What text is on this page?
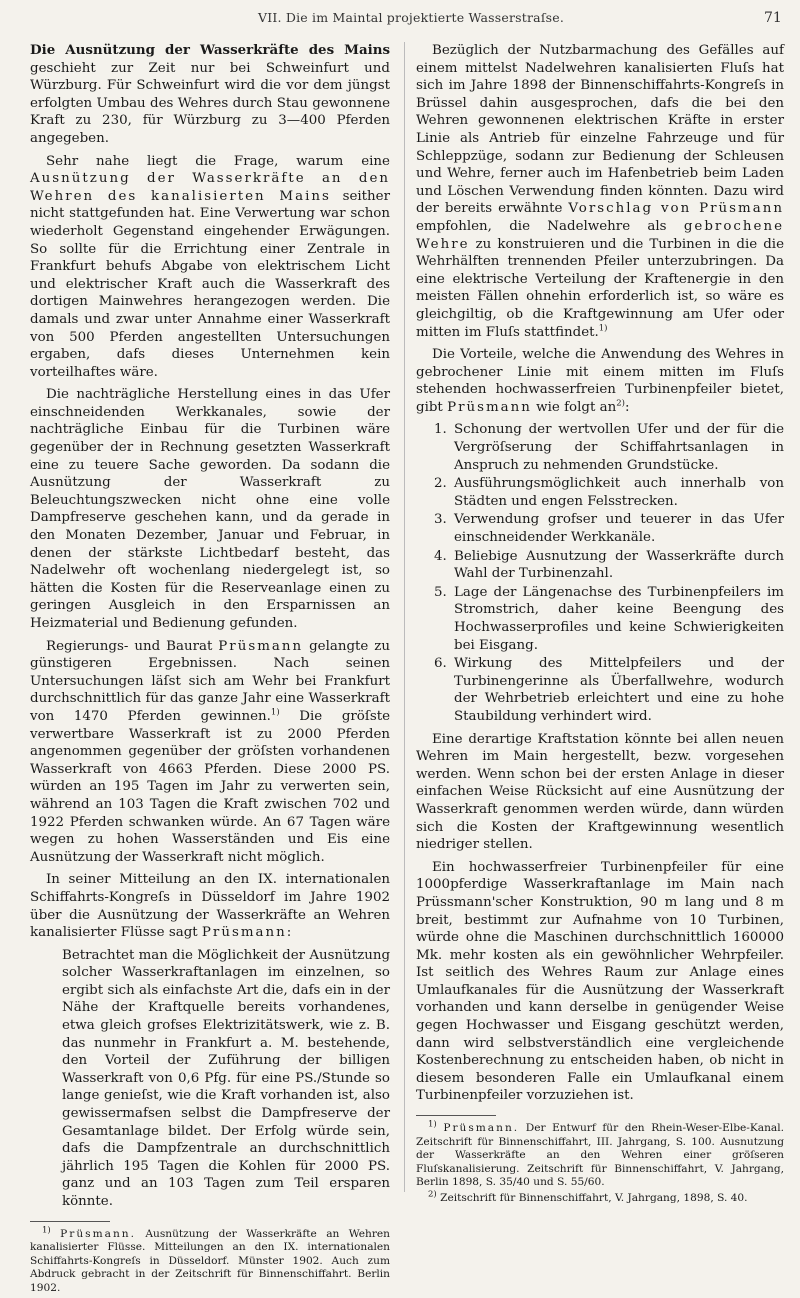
VII. Die im Maintal projektierte Wasserstraſse.	71

Die Ausnützung der Wasserkräfte des Mains geschieht zur Zeit nur bei Schweinfurt und Würzburg. Für Schweinfurt wird die vor dem jüngst erfolgten Umbau des Wehres durch Stau gewonnene Kraft zu 230, für Würzburg zu 3—400 Pferden angegeben.

Sehr nahe liegt die Frage, warum eine Ausnützung der Wasserkräfte an den Wehren des kanalisierten Mains seither nicht stattgefunden hat. Eine Verwertung war schon wiederholt Gegenstand eingehender Erwägungen. So sollte für die Errichtung einer Zentrale in Frankfurt behufs Abgabe von elektrischem Licht und elektrischer Kraft auch die Wasserkraft des dortigen Mainwehres herangezogen werden. Die damals und zwar unter Annahme einer Wasserkraft von 500 Pferden angestellten Untersuchungen ergaben, dafs dieses Unternehmen kein vorteilhaftes wäre.

Die nachträgliche Herstellung eines in das Ufer einschneidenden Werkkanales, sowie der nachträgliche Einbau für die Turbinen wäre gegenüber der in Rechnung gesetzten Wasserkraft eine zu teuere Sache geworden. Da sodann die Ausnützung der Wasserkraft zu Beleuchtungszwecken nicht ohne eine volle Dampfreserve geschehen kann, und da gerade in den Monaten Dezember, Januar und Februar, in denen der stärkste Lichtbedarf besteht, das Nadelwehr oft wochenlang niedergelegt ist, so hätten die Kosten für die Reserveanlage einen zu geringen Ausgleich in den Ersparnissen an Heizmaterial und Bedienung gefunden.

Regierungs- und Baurat Prüsmann gelangte zu günstigeren Ergebnissen. Nach seinen Untersuchungen läſst sich am Wehr bei Frankfurt durchschnittlich für das ganze Jahr eine Wasserkraft von 1470 Pferden gewinnen.$^{1)}$ Die gröſste verwertbare Wasserkraft ist zu 2000 Pferden angenommen gegenüber der gröſsten vorhandenen Wasserkraft von 4663 Pferden. Diese 2000 PS. würden an 195 Tagen im Jahr zu verwerten sein, während an 103 Tagen die Kraft zwischen 702 und 1922 Pferden schwanken würde. An 67 Tagen wäre wegen zu hohen Wasserständen und Eis eine Ausnützung der Wasserkraft nicht möglich.

In seiner Mitteilung an den IX. internationalen Schiffahrts-Kongreſs in Düsseldorf im Jahre 1902 über die Ausnützung der Wasserkräfte an Wehren kanalisierter Flüsse sagt Prüsmann:

Betrachtet man die Möglichkeit der Ausnützung solcher Wasserkraftanlagen im einzelnen, so ergibt sich als einfachste Art die, dafs ein in der Nähe der Kraftquelle bereits vorhandenes, etwa gleich grofses Elektrizitätswerk, wie z. B. das nunmehr in Frankfurt a. M. bestehende, den Vorteil der Zuführung der billigen Wasserkraft von 0,6 Pfg. für eine PS./Stunde so lange genieſst, wie die Kraft vorhanden ist, also gewissermafsen selbst die Dampfreserve der Gesamtanlage bildet. Der Erfolg würde sein, dafs die Dampfzentrale an durchschnittlich jährlich 195 Tagen die Kohlen für 2000 PS. ganz und an 103 Tagen zum Teil ersparen könnte.

$^{1)}$ Prüsmann. Ausnützung der Wasserkräfte an Wehren kanalisierter Flüsse. Mitteilungen an den IX. internationalen Schiffahrts-Kongreſs in Düsseldorf. Münster 1902. Auch zum Abdruck gebracht in der Zeitschrift für Binnenschiffahrt. Berlin 1902.

Bezüglich der Nutzbarmachung des Gefälles auf einem mittelst Nadelwehren kanalisierten Fluſs hat sich im Jahre 1898 der Binnenschiffahrts-Kongreſs in Brüssel dahin ausgesprochen, dafs die bei den Wehren gewonnenen elektrischen Kräfte in erster Linie als Antrieb für einzelne Fahrzeuge und für Schleppzüge, sodann zur Bedienung der Schleusen und Wehre, ferner auch im Hafenbetrieb beim Laden und Löschen Verwendung finden könnten. Dazu wird der bereits erwähnte Vorschlag von Prüsmann empfohlen, die Nadelwehre als gebrochene Wehre zu konstruieren und die Turbinen in die die Wehrhälften trennenden Pfeiler unterzubringen. Da eine elektrische Verteilung der Kraftenergie in den meisten Fällen ohnehin erforderlich ist, so wäre es gleichgiltig, ob die Kraftgewinnung am Ufer oder mitten im Fluſs stattfindet.$^{1)}$

Die Vorteile, welche die Anwendung des Wehres in gebrochener Linie mit einem mitten im Fluſs stehenden hochwasserfreien Turbinenpfeiler bietet, gibt Prüsmann wie folgt $an^{2)}$:

1. Schonung der wertvollen Ufer und der für die Vergröſserung der Schiffahrtsanlagen in Anspruch zu nehmenden Grundstücke.
2. Ausführungsmöglichkeit auch innerhalb von Städten und engen Felsstrecken.
3. Verwendung grofser und teuerer in das Ufer einschneidender Werkkanäle.
4. Beliebige Ausnutzung der Wasserkräfte durch Wahl der Turbinenzahl.
5. Lage der Längenachse des Turbinenpfeilers im Stromstrich, daher keine Beengung des Hochwasserprofiles und keine Schwierigkeiten bei Eisgang.
6. Wirkung des Mittelpfeilers und der Turbinengerinne als Überfallwehre, wodurch der Wehrbetrieb erleichtert und eine zu hohe Staubildung verhindert wird.

Eine derartige Kraftstation könnte bei allen neuen Wehren im Main hergestellt, bezw. vorgesehen werden. Wenn schon bei der ersten Anlage in dieser einfachen Weise Rücksicht auf eine Ausnützung der Wasserkraft genommen werden würde, dann würden sich die Kosten der Kraftgewinnung wesentlich niedriger stellen.

Ein hochwasserfreier Turbinenpfeiler für eine 1000pferdige Wasserkraftanlage im Main nach Prüssmann'scher Konstruktion, 90 m lang und 8 m breit, bestimmt zur Aufnahme von 10 Turbinen, würde ohne die Maschinen durchschnittlich 160000 Mk. mehr kosten als ein gewöhnlicher Wehrpfeiler. Ist seitlich des Wehres Raum zur Anlage eines Umlaufkanales für die Ausnützung der Wasserkraft vorhanden und kann derselbe in genügender Weise gegen Hochwasser und Eisgang geschützt werden, dann wird selbstverständlich eine vergleichende Kostenberechnung zu entscheiden haben, ob nicht in diesem besonderen Falle ein Umlaufkanal einem Turbinenpfeiler vorzuziehen ist.

$^{1)}$ Prüsmann. Der Entwurf für den Rhein-Weser-Elbe-Kanal. Zeitschrift für Binnenschiffahrt, III. Jahrgang, S. 100. Ausnutzung der Wasserkräfte an den Wehren einer gröſseren Fluſskanalisierung. Zeitschrift für Binnenschiffahrt, V. Jahrgang, Berlin 1898, S. 35/40 und S. 55/60.

$^{2)}$ Zeitschrift für Binnenschiffahrt, V. Jahrgang, 1898, S. 40.
